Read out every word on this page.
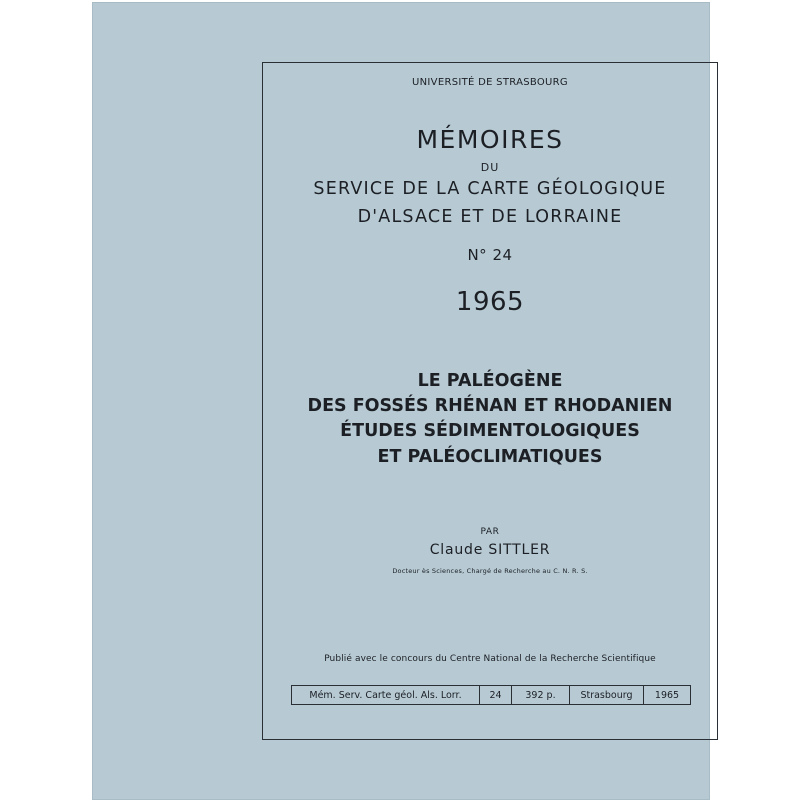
UNIVERSITÉ DE STRASBOURG
MÉMOIRES
DU
SERVICE DE LA CARTE GÉOLOGIQUE
D'ALSACE ET DE LORRAINE
N° 24
1965
LE PALÉOGÈNE
DES FOSSÉS RHÉNAN ET RHODANIEN
ÉTUDES SÉDIMENTOLOGIQUES
ET PALÉOCLIMATIQUES
PAR
Claude SITTLER
Docteur ès Sciences, Chargé de Recherche au C. N. R. S.
Publié avec le concours du Centre National de la Recherche Scientifique
Mém. Serv. Carte géol. Als. Lorr.	24	392 p.	Strasbourg	1965
